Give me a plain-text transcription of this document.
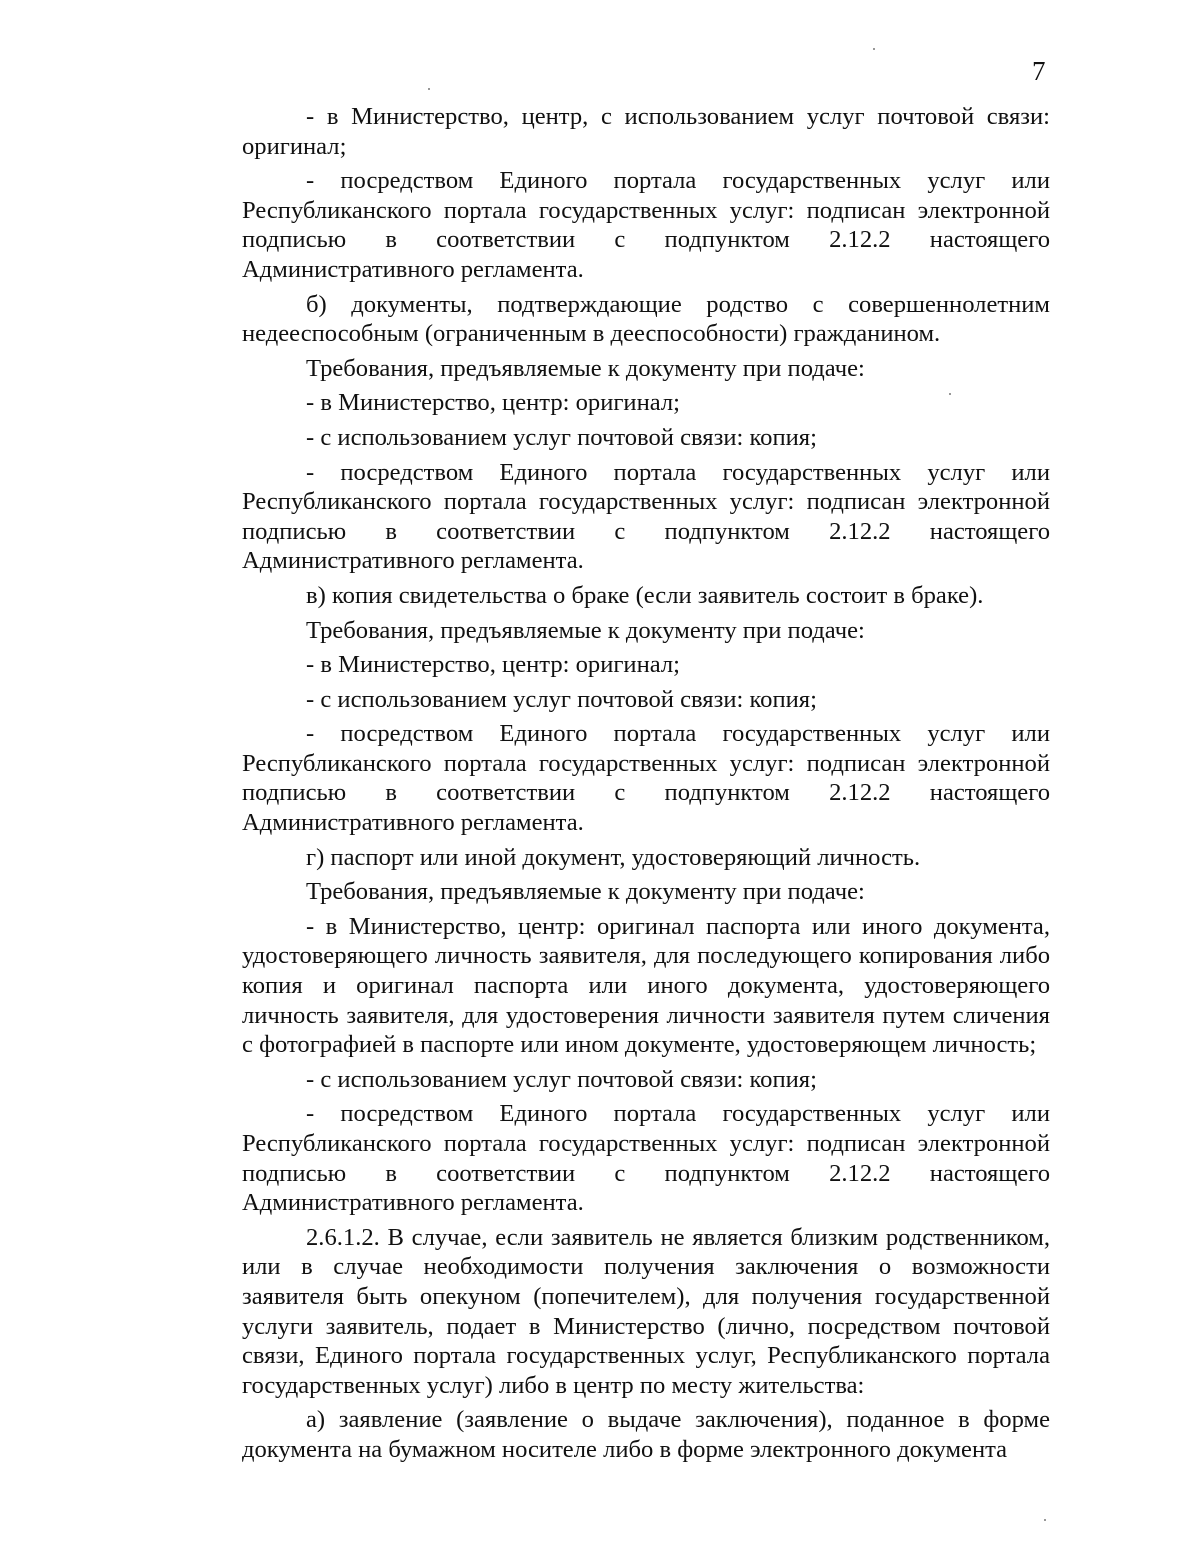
7

- в Министерство, центр, с использованием услуг почтовой связи: оригинал;

- посредством Единого портала государственных услуг или Республиканского портала государственных услуг: подписан электронной подписью в соответствии с подпунктом 2.12.2 настоящего Административного регламента.

б) документы, подтверждающие родство с совершеннолетним недееспособным (ограниченным в дееспособности) гражданином.

Требования, предъявляемые к документу при подаче:

- в Министерство, центр: оригинал;

- с использованием услуг почтовой связи: копия;

- посредством Единого портала государственных услуг или Республиканского портала государственных услуг: подписан электронной подписью в соответствии с подпунктом 2.12.2 настоящего Административного регламента.

в) копия свидетельства о браке (если заявитель состоит в браке).

Требования, предъявляемые к документу при подаче:

- в Министерство, центр: оригинал;

- с использованием услуг почтовой связи: копия;

- посредством Единого портала государственных услуг или Республиканского портала государственных услуг: подписан электронной подписью в соответствии с подпунктом 2.12.2 настоящего Административного регламента.

г) паспорт или иной документ, удостоверяющий личность.

Требования, предъявляемые к документу при подаче:

- в Министерство, центр: оригинал паспорта или иного документа, удостоверяющего личность заявителя, для последующего копирования либо копия и оригинал паспорта или иного документа, удостоверяющего личность заявителя, для удостоверения личности заявителя путем сличения с фотографией в паспорте или ином документе, удостоверяющем личность;

- с использованием услуг почтовой связи: копия;

- посредством Единого портала государственных услуг или Республиканского портала государственных услуг: подписан электронной подписью в соответствии с подпунктом 2.12.2 настоящего Административного регламента.

2.6.1.2. В случае, если заявитель не является близким родственником, или в случае необходимости получения заключения о возможности заявителя быть опекуном (попечителем), для получения государственной услуги заявитель, подает в Министерство (лично, посредством почтовой связи, Единого портала государственных услуг, Республиканского портала государственных услуг) либо в центр по месту жительства:

а) заявление (заявление о выдаче заключения), поданное в форме документа на бумажном носителе либо в форме электронного документа
